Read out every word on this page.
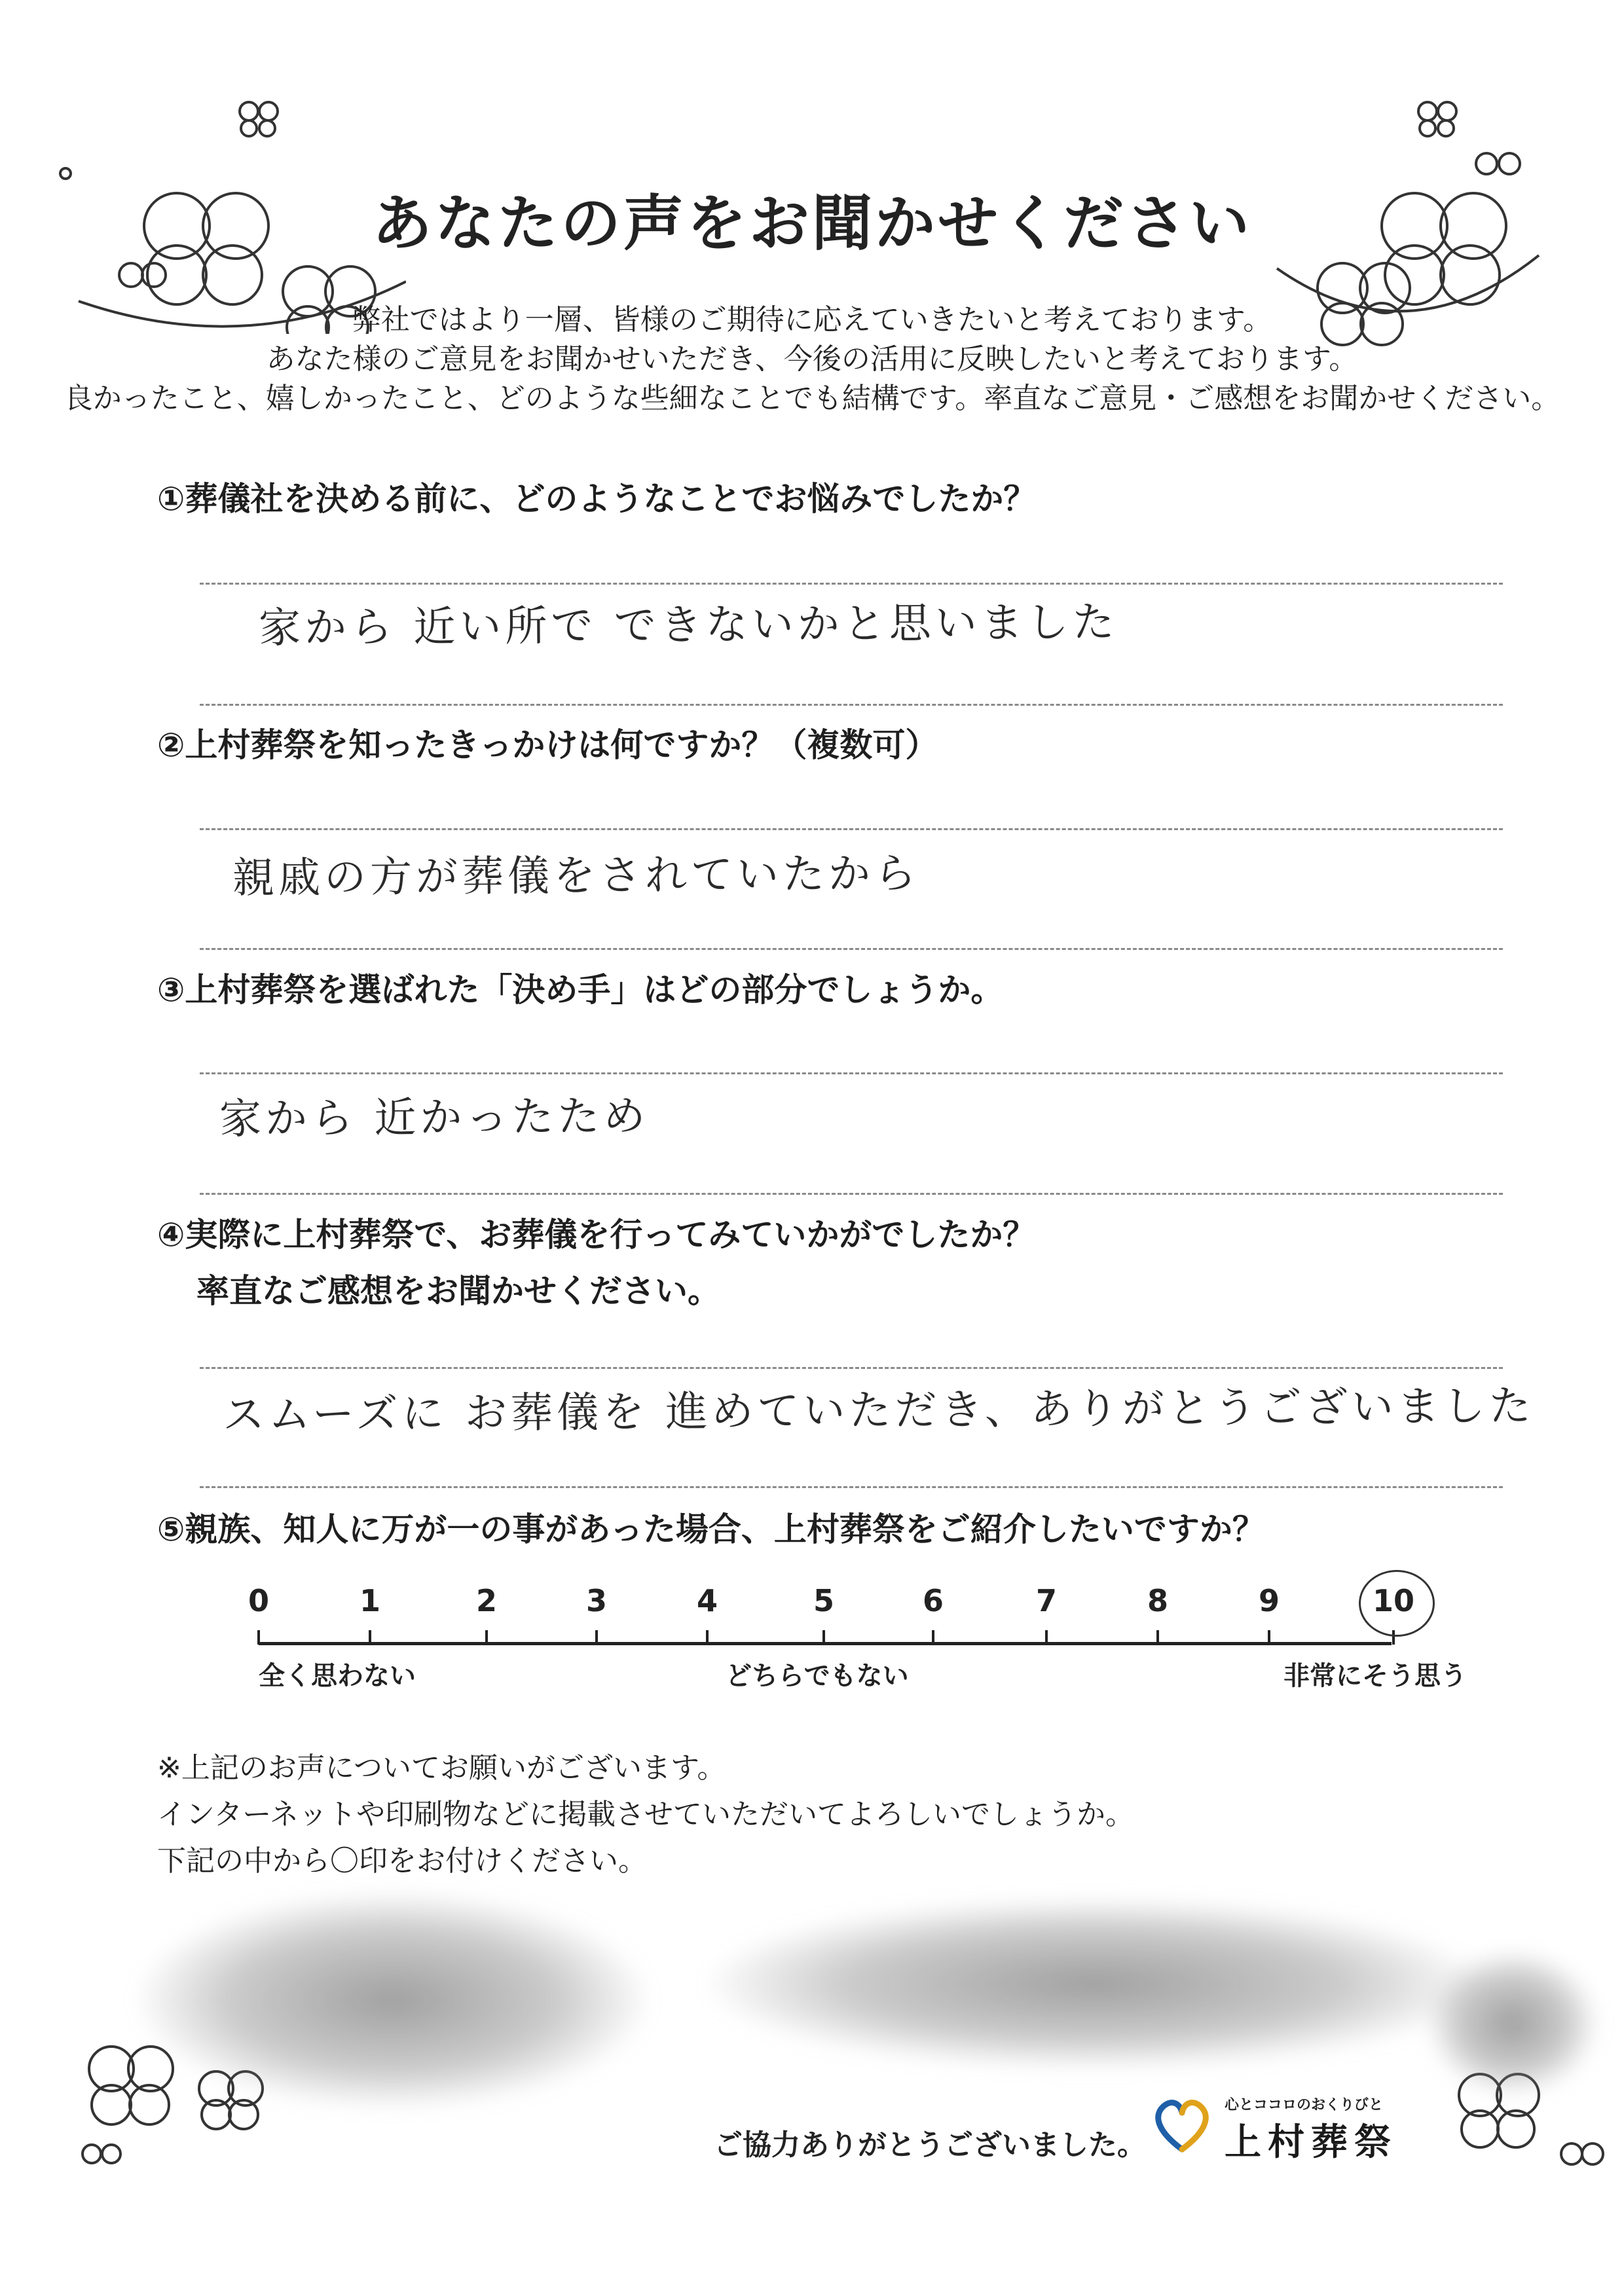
あなたの声をお聞かせください
弊社ではより一層、皆様のご期待に応えていきたいと考えております。
あなた様のご意見をお聞かせいただき、今後の活用に反映したいと考えております。
良かったこと、嬉しかったこと、どのような些細なことでも結構です。率直なご意見・ご感想をお聞かせください。
①葬儀社を決める前に、どのようなことでお悩みでしたか？
家から 近い所で できないかと思いました
②上村葬祭を知ったきっかけは何ですか？（複数可）
親戚の方が葬儀をされていたから
③上村葬祭を選ばれた「決め手」はどの部分でしょうか。
家から 近かったため
④実際に上村葬祭で、お葬儀を行ってみていかがでしたか？
率直なご感想をお聞かせください。
スムーズに お葬儀を 進めていただき、ありがとうございました
⑤親族、知人に万が一の事があった場合、上村葬祭をご紹介したいですか？
0	1	2	3	4	5	6	7	8	9	10
全く思わない	どちらでもない	非常にそう思う
※上記のお声についてお願いがございます。
インターネットや印刷物などに掲載させていただいてよろしいでしょうか。
下記の中から〇印をお付けください。
ご協力ありがとうございました。
心とココロのおくりびと
上村葬祭
